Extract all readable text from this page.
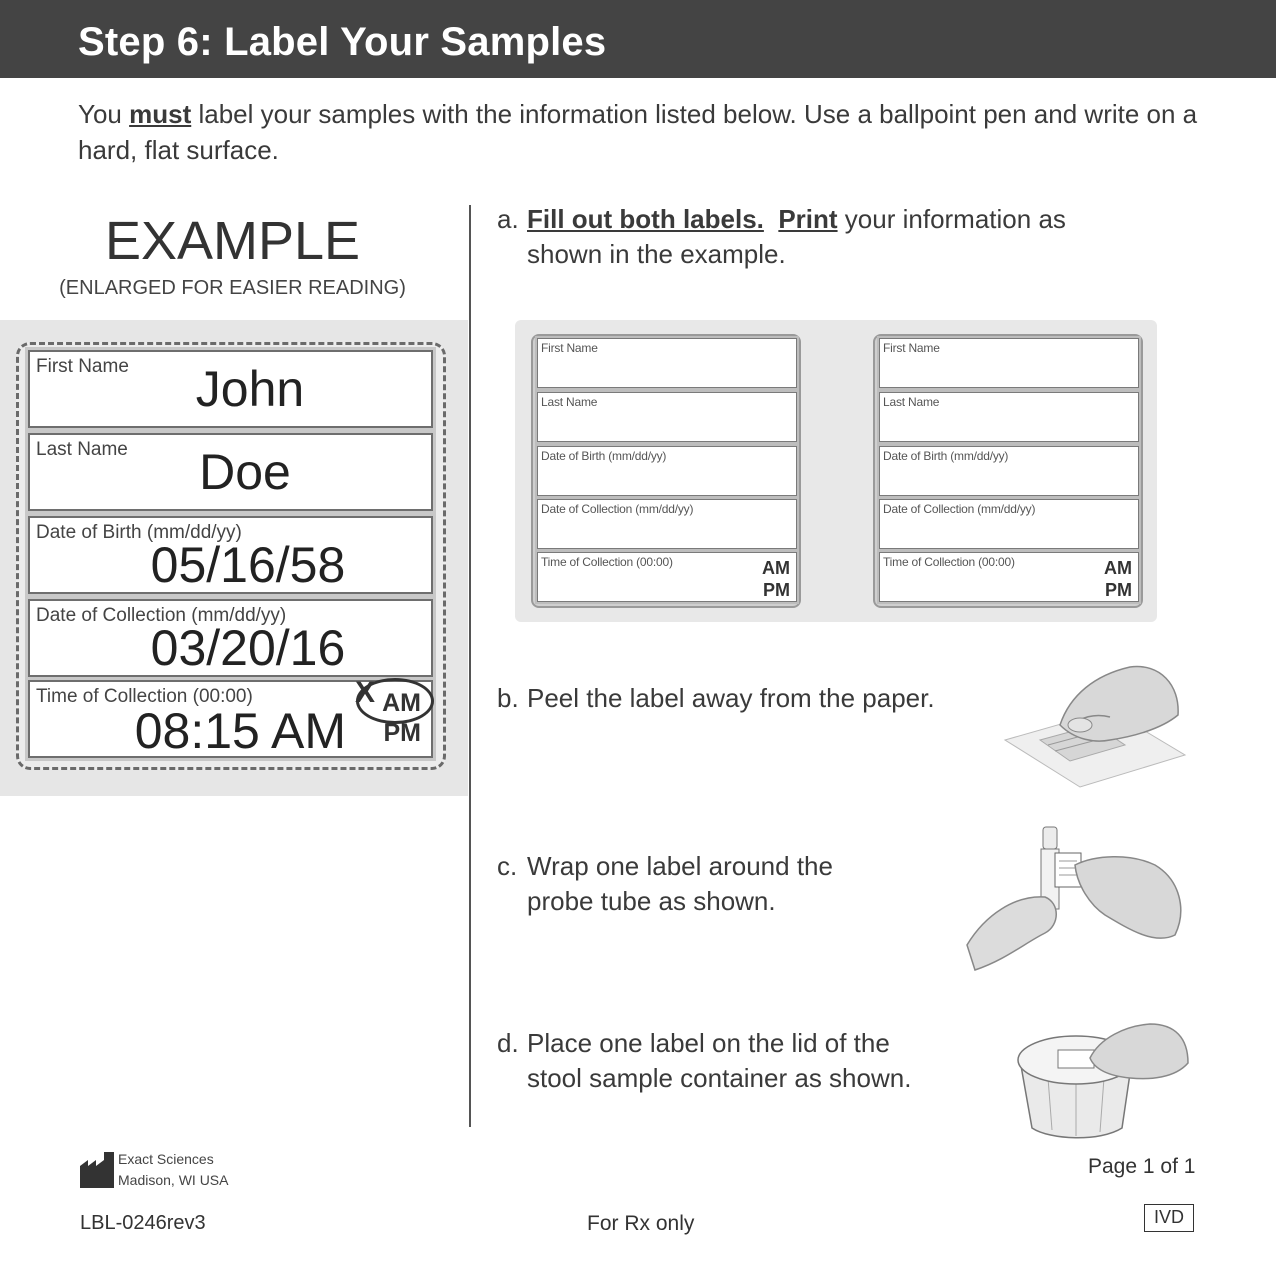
Step 6: Label Your Samples

You must label your samples with the information listed below. Use a ballpoint pen and write on a hard, flat surface.

EXAMPLE
(ENLARGED FOR EASIER READING)
First Name	John
Last Name	Doe
Date of Birth (mm/dd/yy)
05/16/58
Date of Collection (mm/dd/yy)
03/20/16
Time of Collection (00:00)
08:15 AM AM
PM
X
a. Fill out both labels. Print your information as
shown in the example.
First Name
Last Name
Date of Birth (mm/dd/yy)
Date of Collection (mm/dd/yy)
Time of Collection (00:00)	AM
PM
First Name
Last Name
Date of Birth (mm/dd/yy)
Date of Collection (mm/dd/yy)
Time of Collection (00:00)	AM
PM
b. Peel the label away from the paper.
c. Wrap one label around the
probe tube as shown.
d. Place one label on the lid of the
stool sample container as shown.
Exact Sciences
Madison, WI USA
LBL-0246rev3	For Rx only
Page 1 of 1
IVD
